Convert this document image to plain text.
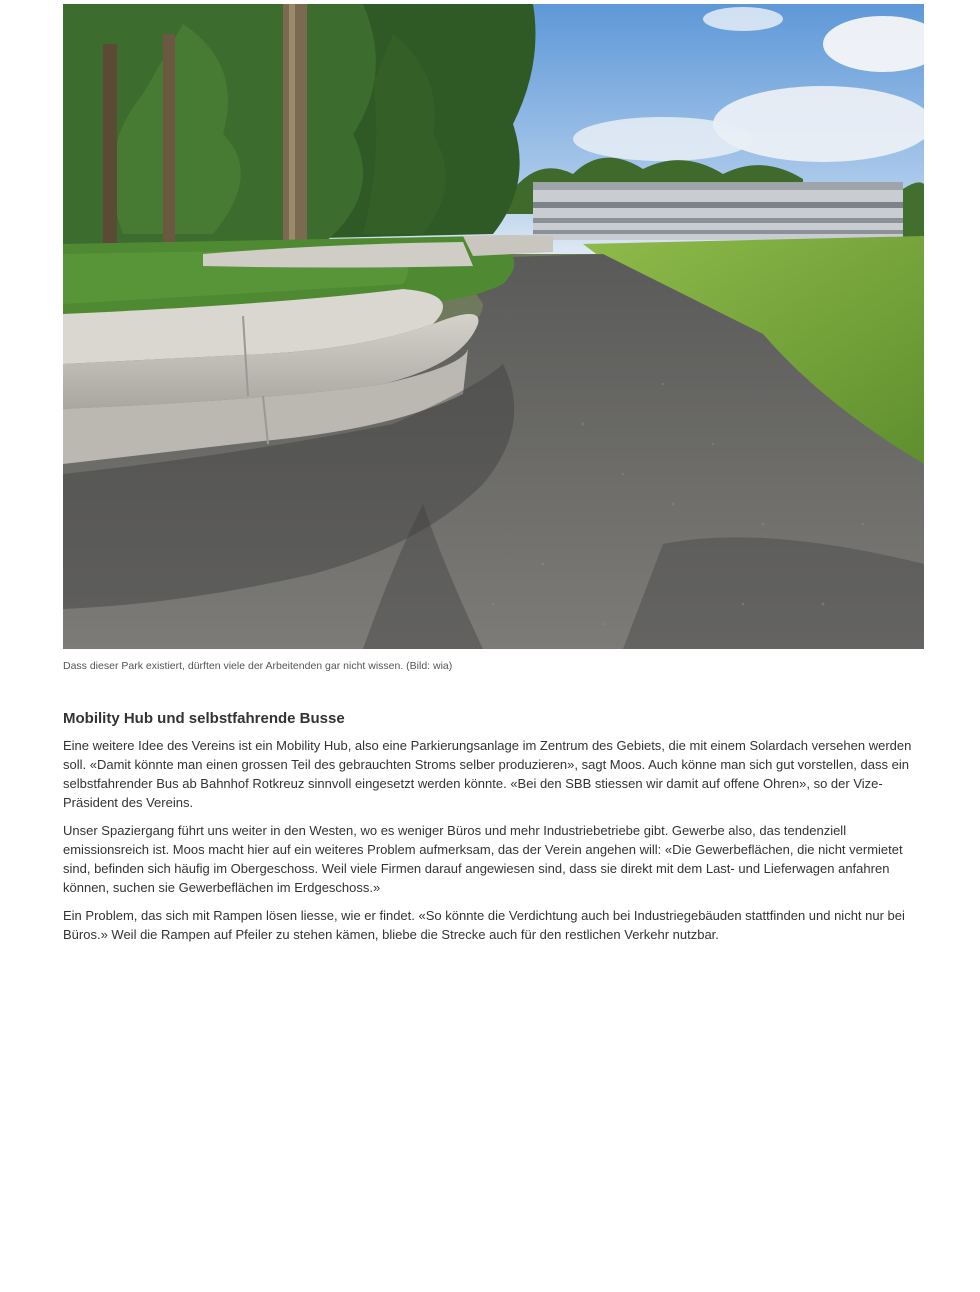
Dass dieser Park existiert, dürften viele der Arbeitenden gar nicht wissen. (Bild: wia)

Mobility Hub und selbstfahrende Busse

Eine weitere Idee des Vereins ist ein Mobility Hub, also eine Parkierungsanlage im Zentrum des Gebiets, die mit einem Solardach versehen werden soll. «Damit könnte man einen grossen Teil des gebrauchten Stroms selber produzieren», sagt Moos. Auch könne man sich gut vorstellen, dass ein selbstfahrender Bus ab Bahnhof Rotkreuz sinnvoll eingesetzt werden könnte. «Bei den SBB stiessen wir damit auf offene Ohren», so der Vize-Präsident des Vereins.

Unser Spaziergang führt uns weiter in den Westen, wo es weniger Büros und mehr Industriebetriebe gibt. Gewerbe also, das tendenziell emissionsreich ist. Moos macht hier auf ein weiteres Problem aufmerksam, das der Verein angehen will: «Die Gewerbeflächen, die nicht vermietet sind, befinden sich häufig im Obergeschoss. Weil viele Firmen darauf angewiesen sind, dass sie direkt mit dem Last- und Lieferwagen anfahren können, suchen sie Gewerbeflächen im Erdgeschoss.»

Ein Problem, das sich mit Rampen lösen liesse, wie er findet. «So könnte die Verdichtung auch bei Industriegebäuden stattfinden und nicht nur bei Büros.» Weil die Rampen auf Pfeiler zu stehen kämen, bliebe die Strecke auch für den restlichen Verkehr nutzbar.
